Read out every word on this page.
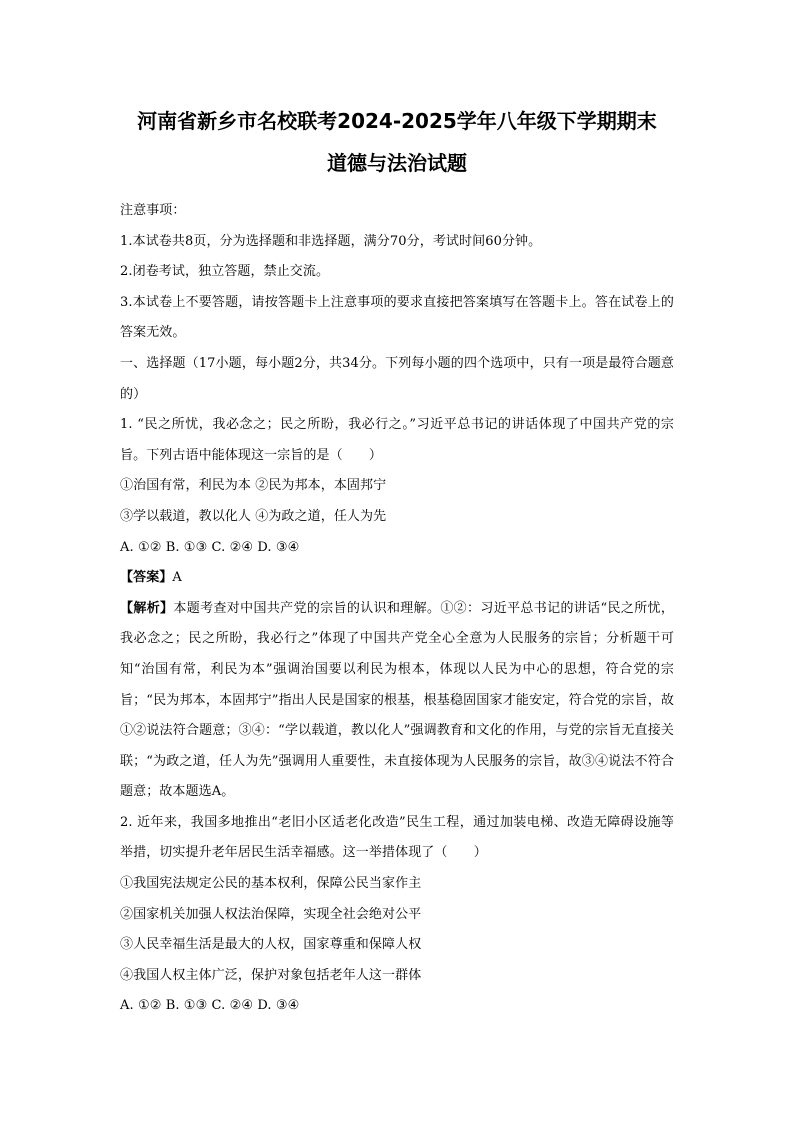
河南省新乡市名校联考2024-2025学年八年级下学期期末
道德与法治试题

注意事项：

1.本试卷共8页，分为选择题和非选择题，满分70分，考试时间60分钟。

2.闭卷考试，独立答题，禁止交流。

3.本试卷上不要答题，请按答题卡上注意事项的要求直接把答案填写在答题卡上。答在试卷上的答案无效。

一、选择题（17小题，每小题2分，共34分。下列每小题的四个选项中，只有一项是最符合题意的）

1. “民之所忧，我必念之；民之所盼，我必行之。”习近平总书记的讲话体现了中国共产党的宗旨。下列古语中能体现这一宗旨的是（　　）

①治国有常，利民为本 ②民为邦本，本固邦宁

③学以载道，教以化人 ④为政之道，任人为先

A. ①② B. ①③ C. ②④ D. ③④

【答案】A

【解析】本题考查对中国共产党的宗旨的认识和理解。①②：习近平总书记的讲话“民之所忧，我必念之；民之所盼，我必行之”体现了中国共产党全心全意为人民服务的宗旨；分析题干可知“治国有常，利民为本”强调治国要以利民为根本，体现以人民为中心的思想，符合党的宗旨；“民为邦本，本固邦宁”指出人民是国家的根基，根基稳固国家才能安定，符合党的宗旨，故①②说法符合题意；③④：“学以载道，教以化人”强调教育和文化的作用，与党的宗旨无直接关联；“为政之道，任人为先”强调用人重要性，未直接体现为人民服务的宗旨，故③④说法不符合题意；故本题选A。

2. 近年来，我国多地推出“老旧小区适老化改造”民生工程，通过加装电梯、改造无障碍设施等举措，切实提升老年居民生活幸福感。这一举措体现了（　　）

①我国宪法规定公民的基本权利，保障公民当家作主

②国家机关加强人权法治保障，实现全社会绝对公平

③人民幸福生活是最大的人权，国家尊重和保障人权

④我国人权主体广泛，保护对象包括老年人这一群体

A. ①② B. ①③ C. ②④ D. ③④
